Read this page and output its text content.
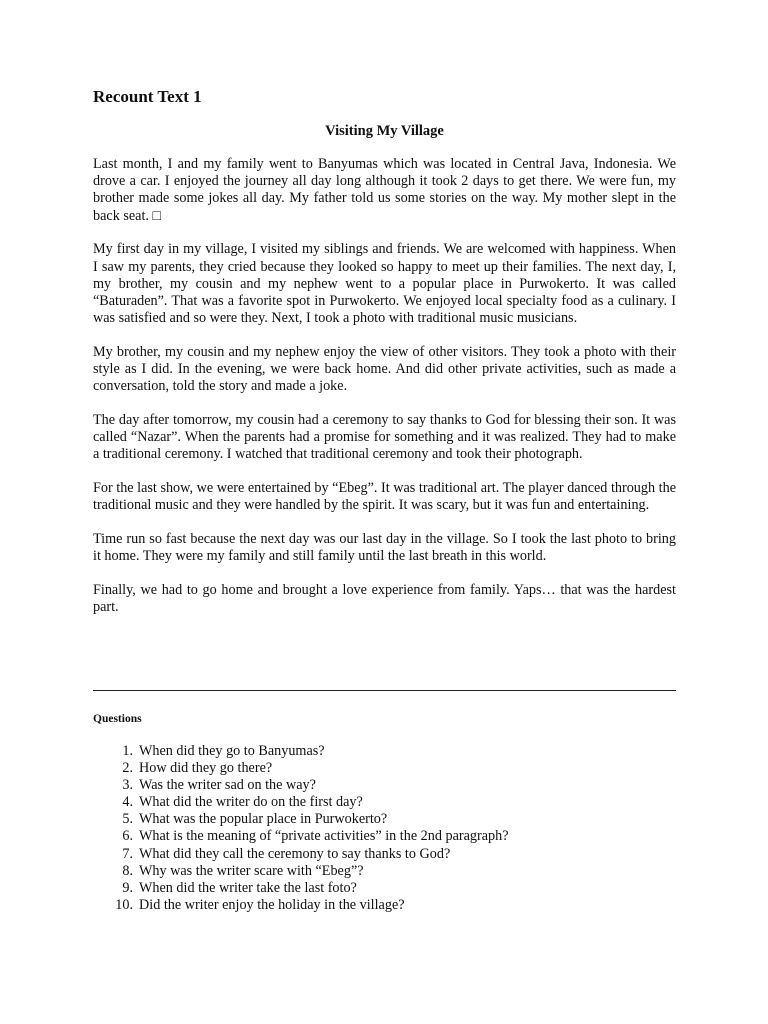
Recount Text 1
Visiting My Village

Last month, I and my family went to Banyumas which was located in Central Java, Indonesia. We drove a car. I enjoyed the journey all day long although it took 2 days to get there. We were fun, my brother made some jokes all day. My father told us some stories on the way. My mother slept in the back seat. □

My first day in my village, I visited my siblings and friends. We are welcomed with happiness. When I saw my parents, they cried because they looked so happy to meet up their families. The next day, I, my brother, my cousin and my nephew went to a popular place in Purwokerto. It was called “Baturaden”. That was a favorite spot in Purwokerto. We enjoyed local specialty food as a culinary. I was satisfied and so were they. Next, I took a photo with traditional music musicians.

My brother, my cousin and my nephew enjoy the view of other visitors. They took a photo with their style as I did. In the evening, we were back home. And did other private activities, such as made a conversation, told the story and made a joke.

The day after tomorrow, my cousin had a ceremony to say thanks to God for blessing their son. It was called “Nazar”. When the parents had a promise for something and it was realized. They had to make a traditional ceremony. I watched that traditional ceremony and took their photograph.

For the last show, we were entertained by “Ebeg”. It was traditional art. The player danced through the traditional music and they were handled by the spirit. It was scary, but it was fun and entertaining.

Time run so fast because the next day was our last day in the village. So I took the last photo to bring it home. They were my family and still family until the last breath in this world.

Finally, we had to go home and brought a love experience from family. Yaps… that was the hardest part.

Questions
1. When did they go to Banyumas?
2. How did they go there?
3. Was the writer sad on the way?
4. What did the writer do on the first day?
5. What was the popular place in Purwokerto?
6. What is the meaning of “private activities” in the 2nd paragraph?
7. What did they call the ceremony to say thanks to God?
8. Why was the writer scare with “Ebeg”?
9. When did the writer take the last foto?
10. Did the writer enjoy the holiday in the village?
